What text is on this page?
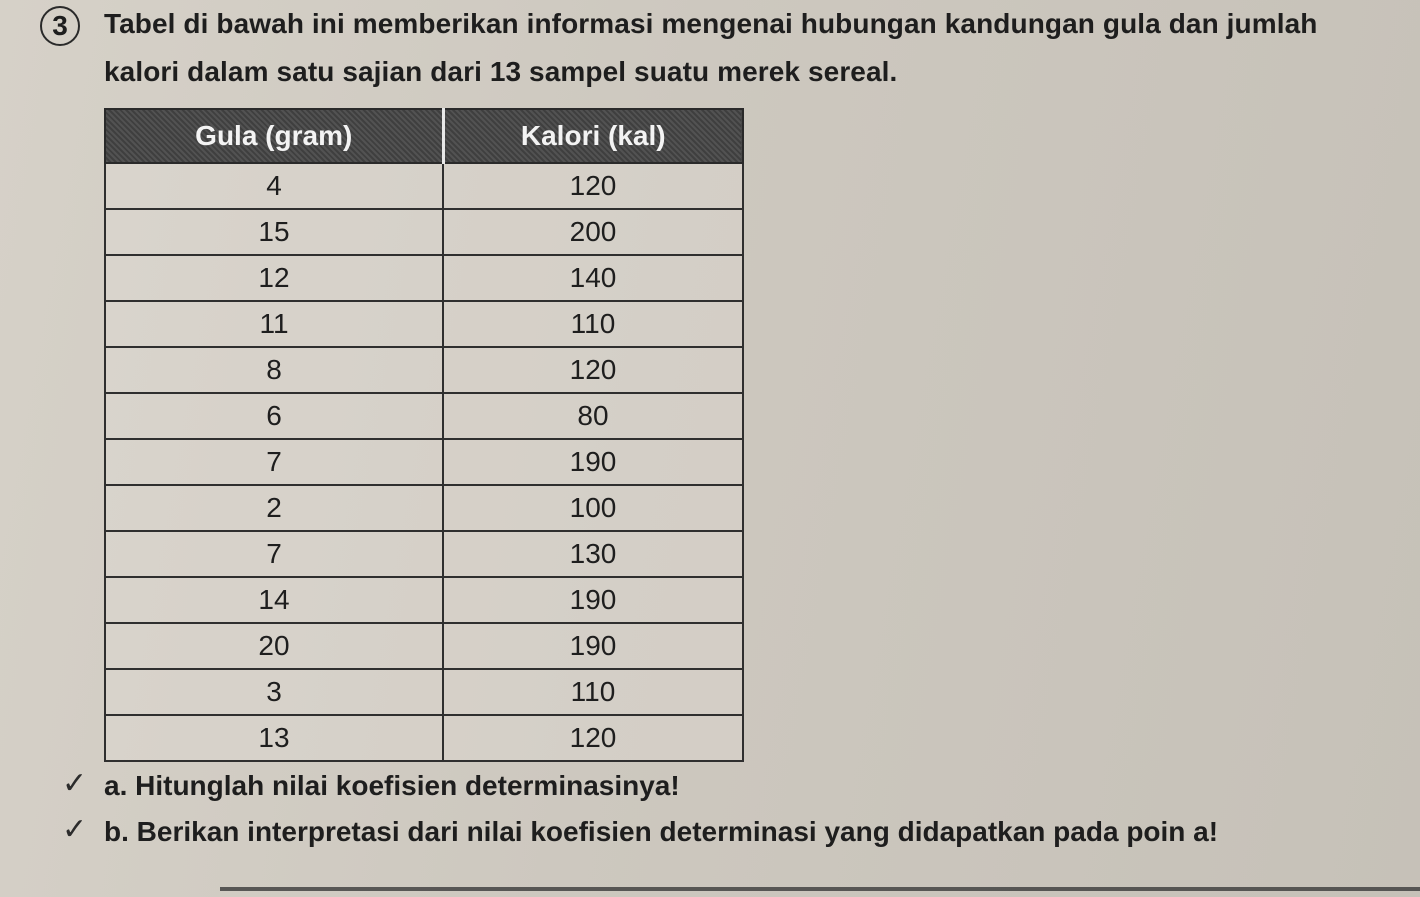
3 Tabel di bawah ini memberikan informasi mengenai hubungan kandungan gula dan jumlah
kalori dalam satu sajian dari 13 sampel suatu merek sereal.
Gula (gram)	Kalori (kal)
4	120
15	200
12	140
11	110
8	120
6	80
7	190
2	100
7	130
14	190
20	190
3	110
13	120
✓ a. Hitunglah nilai koefisien determinasinya!
✓ b. Berikan interpretasi dari nilai koefisien determinasi yang didapatkan pada poin a!
